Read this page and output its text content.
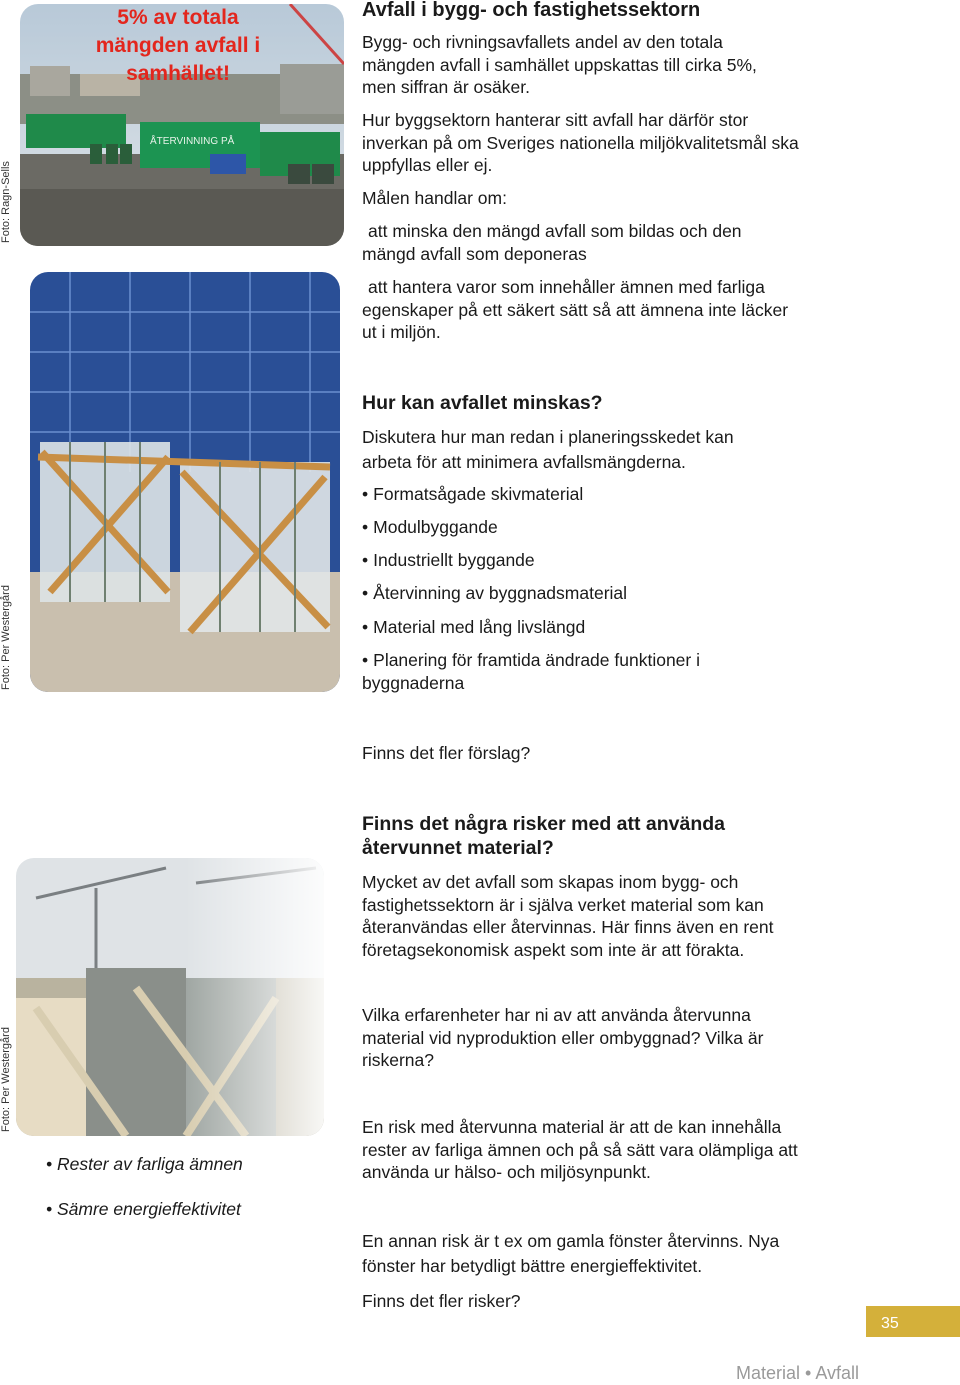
Foto: Ragn-Sells
Foto: Per Westergård
Foto: Per Westergård
ÅTERVINNING PÅ
5% av totala mängden avfall i samhället!
Avfall i bygg- och fastighetssektorn
Bygg- och rivningsavfallets andel av den totala mängden avfall i samhället uppskattas till cirka 5%, men siffran är osäker.
Hur byggsektorn hanterar sitt avfall har därför stor inverkan på om Sveriges nationella miljökvalitetsmål ska uppfyllas eller ej.
Målen handlar om:
att minska den mängd avfall som bildas och den mängd avfall som deponeras
att hantera varor som innehåller ämnen med farliga egenskaper på ett säkert sätt så att ämnena inte läcker ut i miljön.
Hur kan avfallet minskas?
Diskutera hur man redan i planeringsskedet kan arbeta för att minimera avfallsmängderna.
• Formatsågade skivmaterial
• Modulbyggande
• Industriellt byggande
• Återvinning av byggnadsmaterial
• Material med lång livslängd
• Planering för framtida ändrade funktioner i byggnaderna
Finns det fler förslag?
Finns det några risker med att använda återvunnet material?
Mycket av det avfall som skapas inom bygg- och fastighetssektorn är i själva verket material som kan återanvändas eller återvinnas. Här finns även en rent företagsekonomisk aspekt som inte är att förakta.
Vilka erfarenheter har ni av att använda återvunna material vid nyproduktion eller ombyggnad? Vilka är riskerna?
En risk med återvunna material är att de kan innehålla rester av farliga ämnen och på så sätt vara olämpliga att använda ur hälso- och miljösynpunkt.
En annan risk är t ex om gamla fönster återvinns. Nya fönster har betydligt bättre energieffektivitet.
Finns det fler risker?
• Rester av farliga ämnen
• Sämre energieffektivitet
35
Material • Avfall
